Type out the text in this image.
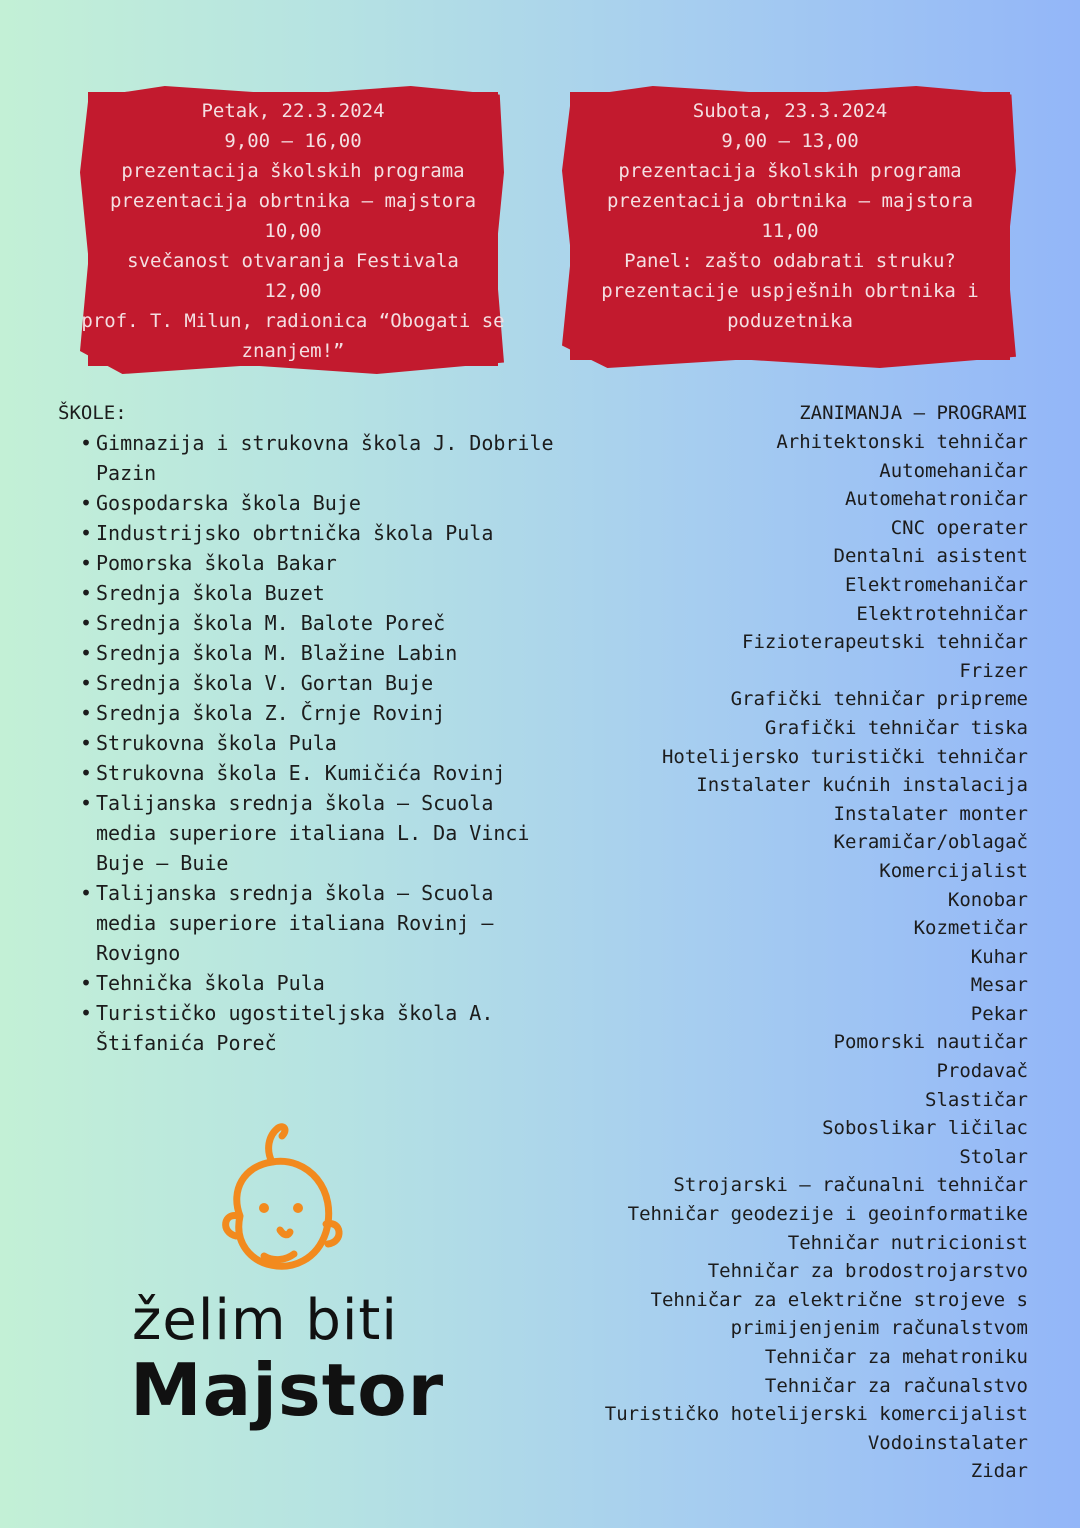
Petak, 22.3.2024
9,00 – 16,00
prezentacija školskih programa
prezentacija obrtnika – majstora
10,00
svečanost otvaranja Festivala
12,00
prof. T. Milun, radionica “Obogati se
znanjem!”
Subota, 23.3.2024
9,00 – 13,00
prezentacija školskih programa
prezentacija obrtnika – majstora
11,00
Panel: zašto odabrati struku?
prezentacije uspješnih obrtnika i
poduzetnika
ŠKOLE:
• Gimnazija i strukovna škola J. Dobrile Pazin
• Gospodarska škola Buje
• Industrijsko obrtnička škola Pula
• Pomorska škola Bakar
• Srednja škola Buzet
• Srednja škola M. Balote Poreč
• Srednja škola M. Blažine Labin
• Srednja škola V. Gortan Buje
• Srednja škola Z. Črnje Rovinj
• Strukovna škola Pula
• Strukovna škola E. Kumičića Rovinj
• Talijanska srednja škola – Scuola media superiore italiana L. Da Vinci Buje – Buie
• Talijanska srednja škola – Scuola media superiore italiana Rovinj – Rovigno
• Tehnička škola Pula
• Turističko ugostiteljska škola A. Štifanića Poreč
ZANIMANJA – PROGRAMI
Arhitektonski tehničar
Automehaničar
Automehatroničar
CNC operater
Dentalni asistent
Elektromehaničar
Elektrotehničar
Fizioterapeutski tehničar
Frizer
Grafički tehničar pripreme
Grafički tehničar tiska
Hotelijersko turistički tehničar
Instalater kućnih instalacija
Instalater monter
Keramičar/oblagač
Komercijalist
Konobar
Kozmetičar
Kuhar
Mesar
Pekar
Pomorski nautičar
Prodavač
Slastičar
Soboslikar ličilac
Stolar
Strojarski – računalni tehničar
Tehničar geodezije i geoinformatike
Tehničar nutricionist
Tehničar za brodostrojarstvo
Tehničar za električne strojeve s primijenjenim računalstvom
Tehničar za mehatroniku
Tehničar za računalstvo
Turističko hotelijerski komercijalist
Vodoinstalater
Zidar
želim biti
Majstor
